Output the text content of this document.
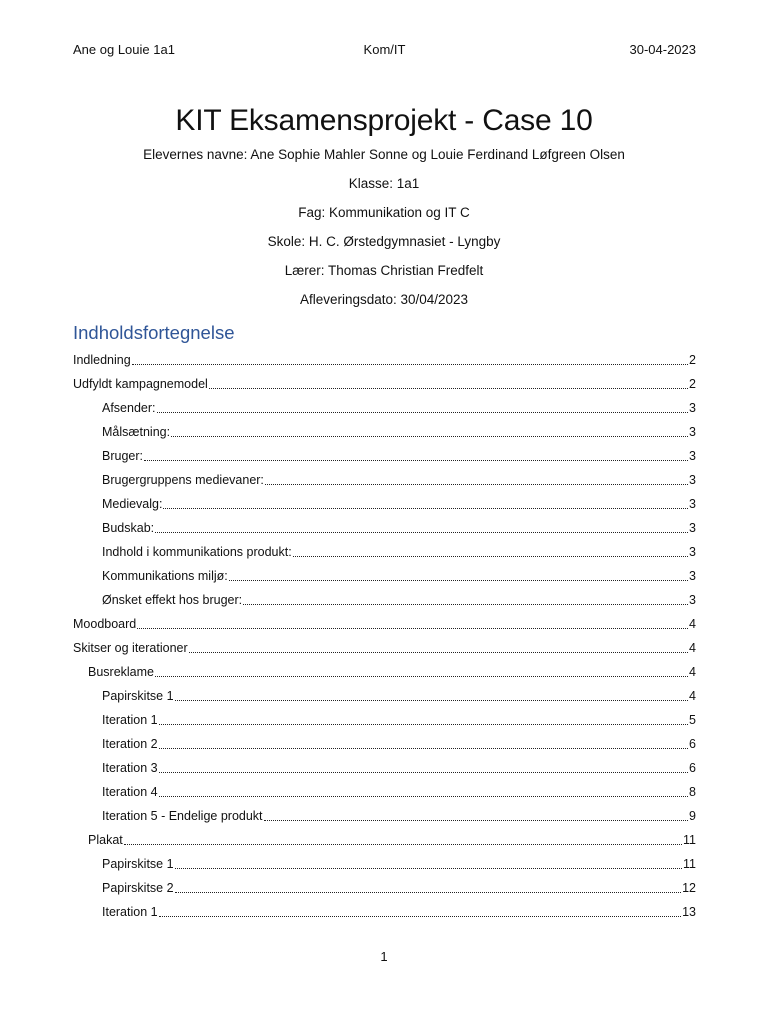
Ane og Louie 1a1	Kom/IT	30-04-2023
KIT Eksamensprojekt - Case 10
Elevernes navne: Ane Sophie Mahler Sonne og Louie Ferdinand Løfgreen Olsen
Klasse: 1a1
Fag: Kommunikation og IT C
Skole: H. C. Ørstedgymnasiet - Lyngby
Lærer: Thomas Christian Fredfelt
Afleveringsdato: 30/04/2023
Indholdsfortegnelse
Indledning	2
Udfyldt kampagnemodel	2
Afsender:	3
Målsætning:	3
Bruger:	3
Brugergruppens medievaner:	3
Medievalg:	3
Budskab:	3
Indhold i kommunikations produkt:	3
Kommunikations miljø:	3
Ønsket effekt hos bruger:	3
Moodboard	4
Skitser og iterationer	4
Busreklame	4
Papirskitse 1	4
Iteration 1	5
Iteration 2	6
Iteration 3	6
Iteration 4	8
Iteration 5 - Endelige produkt	9
Plakat	11
Papirskitse 1	11
Papirskitse 2	12
Iteration 1	13
1
